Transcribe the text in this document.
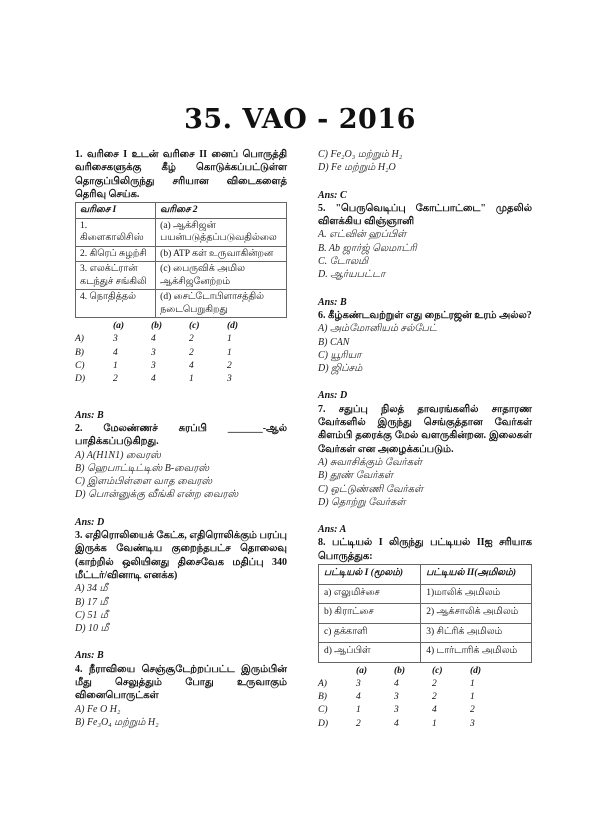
35. VAO - 2016
1. வரிசை I உடன் வரிசை II னைப் பொருத்தி வரிசைகளுக்கு கீழ் கொடுக்கப்பட்டுள்ள தொகுப்பிலிருந்து சரியான விடைகளைத் தெரிவு செய்க.
வரிசை I	வரிசை 2
1. கிளைகாலிசிஸ்	(a) ஆக்சிஜன் பயன்படுத்தப்படுவதில்லை
2. கிரெப் சுழற்சி	(b) ATP கள் உருவாகின்றன
3. எலக்ட்ரான் கடந்துச் சங்கிலி	(c) பைருவிக் அமில ஆக்சிஜனேற்றம்
4. நொதித்தல்	(d) சைட்டோபிளாசத்தில் நடைபெறுகிறது
	(a)	(b)	(c)	(d)
A)	3	4	2	1
B)	4	3	2	1
C)	1	3	4	2
D)	2	4	1	3
Ans: B
2. மேலண்ணச் சுரப்பி _______-ஆல் பாதிக்கப்படுகிறது.
A) A(H1N1) வைரஸ்
B) ஹெபாட்டிட்டிஸ் B-வைரஸ்
C) இளம்பிள்ளை வாத வைரஸ்
D) பொன்னுக்கு வீங்கி என்ற வைரஸ்
Ans: D
3. எதிரொலியைக் கேட்க, எதிரொலிக்கும் பரப்பு இருக்க வேண்டிய குறைந்தபட்ச தொலைவு (காற்றில் ஒலியினது திசைவேக மதிப்பு 340 மீட்டர்/வினாடி எனக்க)
A) 34 மீ
B) 17 மீ
C) 51 மீ
D) 10 மீ
Ans: B
4. நீராவியை செஞ்சூடேற்றப்பட்ட இரும்பின் மீது செலுத்தும் போது உருவாகும் வினைபொருட்கள்
A) Fe O H₂
B) Fe₃O₄ மற்றும் H₂
C) Fe₂O₃ மற்றும் H₂
D) Fe மற்றும் H₂O
Ans: C
5. "பெருவெடிப்பு கோட்பாட்டை" முதலில் விளக்கிய விஞ்ஞானி
A. எட்வின் ஹப்பிள்
B. Ab ஜார்ஜ் லெமாட்ரி
C. டோலமி
D. ஆர்யபட்டா
Ans: B
6. கீழ்கண்டவற்றுள் எது நைட்ரஜன் உரம் அல்ல?
A) அம்மோனியம் சல்பேட்
B) CAN
C) யூரியா
D) ஜிப்சம்
Ans: D
7. சதுப்பு நிலத் தாவரங்களில் சாதாரண வேர்களில் இருந்து செங்குத்தான வேர்கள் கிளம்பி தரைக்கு மேல் வளருகின்றன. இலைகள் வேர்கள் என அழைக்கப்படும்.
A) சுவாசிக்கும் வேர்கள்
B) தூண் வேர்கள்
C) ஒட்டுண்ணி வேர்கள்
D) தொற்று வேர்கள்
Ans: A
8. பட்டியல் I லிருந்து பட்டியல் IIஐ சரியாக பொருத்துக:
பட்டியல் I (மூலம்)	பட்டியல் II(அமிலம்)
a) எலுமிச்சை	1)மாலிக் அமிலம்
b) கிராட்சை	2) ஆக்சாலிக் அமிலம்
c) தக்காளி	3) சிட்ரிக் அமிலம்
d) ஆப்பிள்	4) டார்டாரிக் அமிலம்
	(a)	(b)	(c)	(d)
A)	3	4	2	1
B)	4	3	2	1
C)	1	3	4	2
D)	2	4	1	3
